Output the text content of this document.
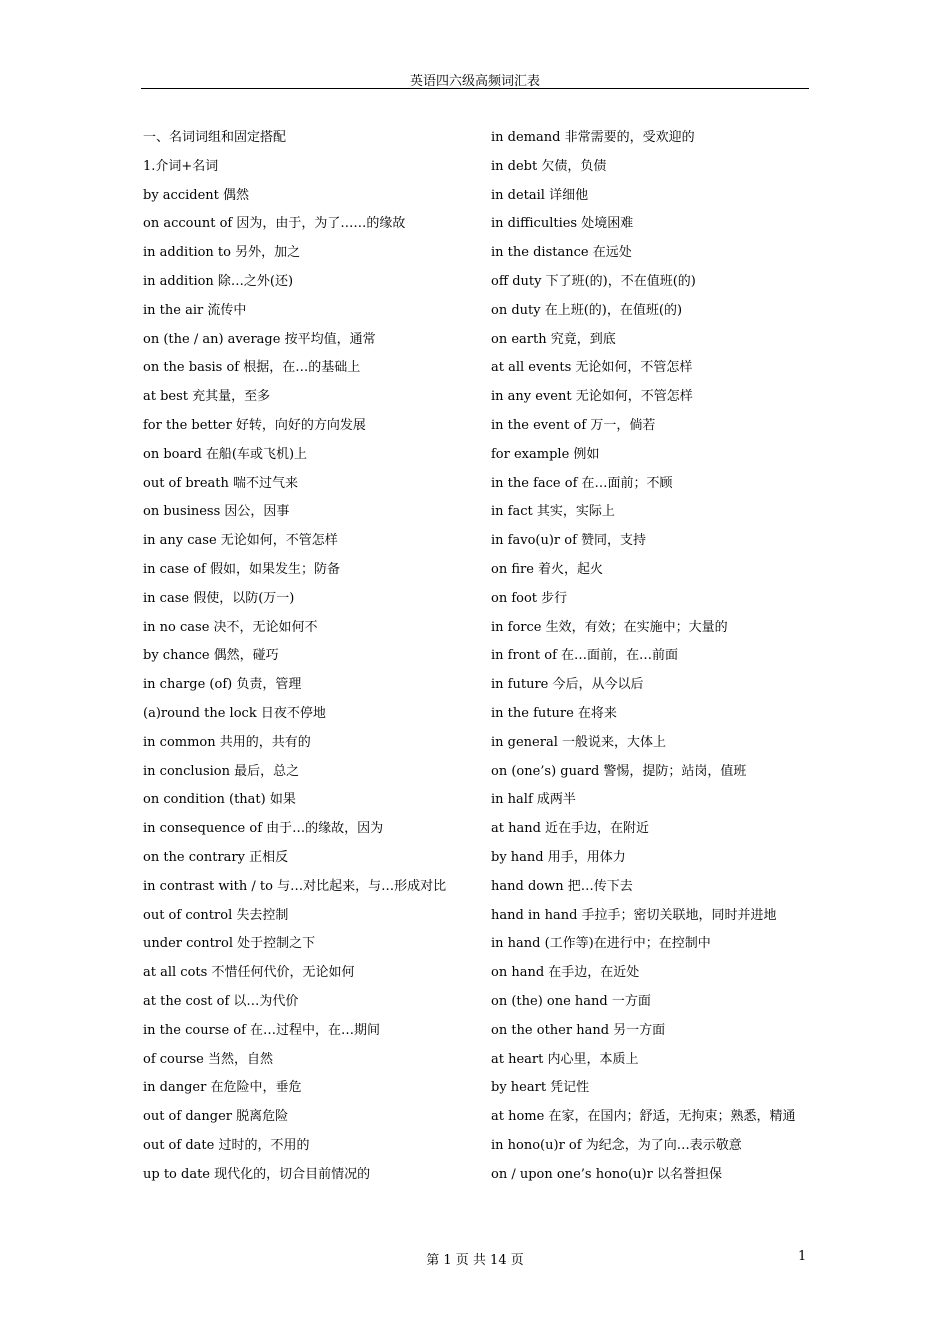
英语四六级高频词汇表
一、名词词组和固定搭配
1.介词+名词
by accident 偶然
on account of 因为，由于，为了……的缘故
in addition to 另外，加之
in addition 除…之外(还)
in the air 流传中
on (the / an) average 按平均值，通常
on the basis of 根据，在…的基础上
at best 充其量，至多
for the better 好转，向好的方向发展
on board 在船(车或飞机)上
out of breath 喘不过气来
on business 因公，因事
in any case 无论如何，不管怎样
in case of 假如，如果发生；防备
in case 假使，以防(万一)
in no case 决不，无论如何不
by chance 偶然，碰巧
in charge (of) 负责，管理
(a)round the lock 日夜不停地
in common 共用的，共有的
in conclusion 最后，总之
on condition (that) 如果
in consequence of 由于…的缘故，因为
on the contrary 正相反
in contrast with / to 与…对比起来，与…形成对比
out of control 失去控制
under control 处于控制之下
at all cots 不惜任何代价，无论如何
at the cost of 以…为代价
in the course of 在…过程中，在…期间
of course 当然，自然
in danger 在危险中，垂危
out of danger 脱离危险
out of date 过时的，不用的
up to date 现代化的，切合目前情况的
in demand 非常需要的，受欢迎的
in debt 欠债，负债
in detail 详细他
in difficulties 处境困难
in the distance 在远处
off duty 下了班(的)，不在值班(的)
on duty 在上班(的)，在值班(的)
on earth 究竟，到底
at all events 无论如何，不管怎样
in any event 无论如何，不管怎样
in the event of 万一，倘若
for example 例如
in the face of 在…面前；不顾
in fact 其实，实际上
in favo(u)r of 赞同，支持
on fire 着火，起火
on foot 步行
in force 生效，有效；在实施中；大量的
in front of 在…面前，在…前面
in future 今后，从今以后
in the future 在将来
in general 一般说来，大体上
on (one’s) guard 警惕，提防；站岗，值班
in half 成两半
at hand 近在手边，在附近
by hand 用手，用体力
hand down 把…传下去
hand in hand 手拉手；密切关联地，同时并进地
in hand (工作等)在进行中；在控制中
on hand 在手边，在近处
on (the) one hand 一方面
on the other hand 另一方面
at heart 内心里，本质上
by heart 凭记性
at home 在家，在国内；舒适，无拘束；熟悉，精通
in hono(u)r of 为纪念，为了向…表示敬意
on / upon one’s hono(u)r 以名誉担保
第 1 页 共 14 页	1
